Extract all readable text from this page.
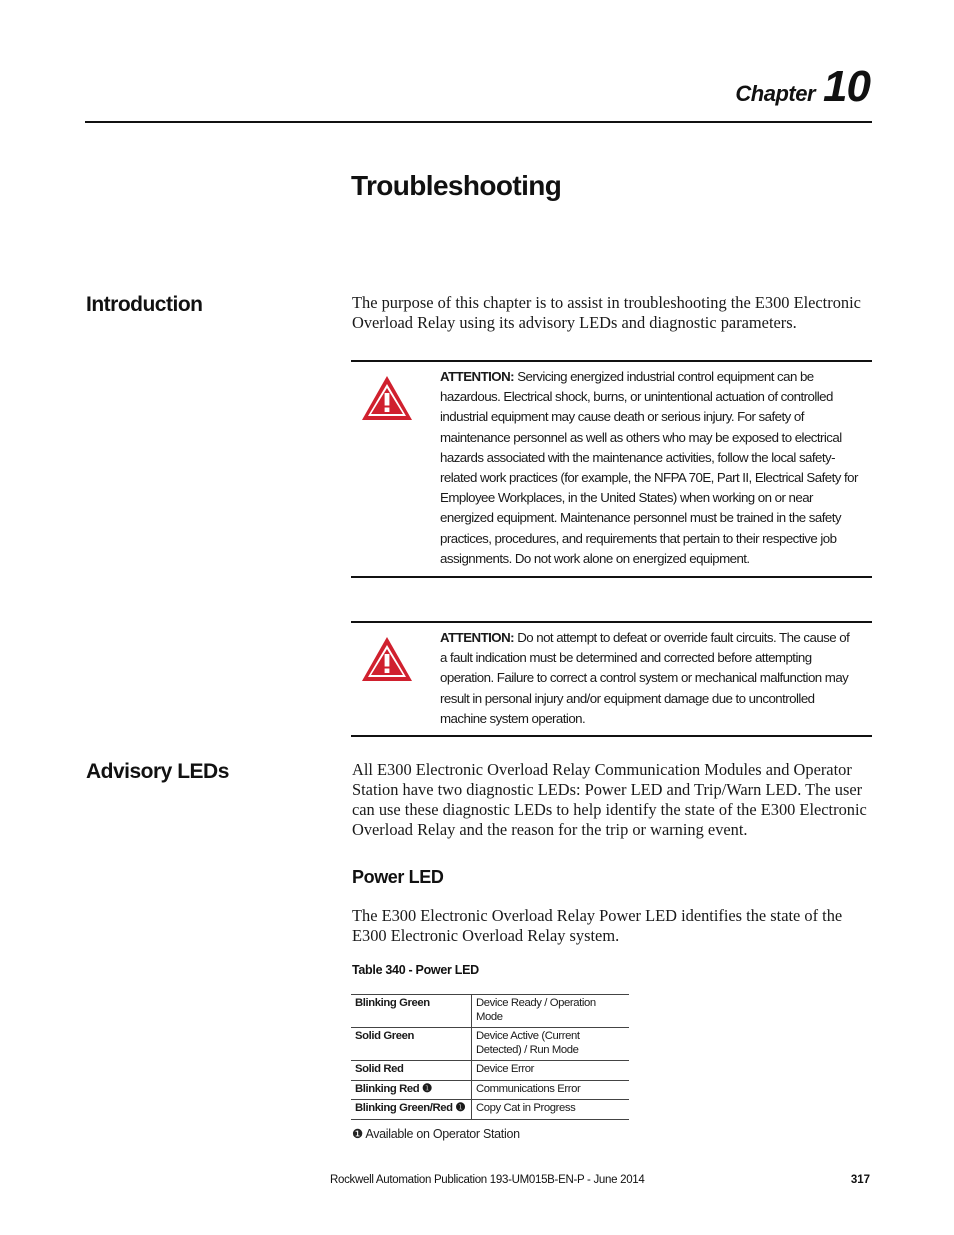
Chapter 10
Troubleshooting
Introduction	The purpose of this chapter is to assist in troubleshooting the E300 Electronic Overload Relay using its advisory LEDs and diagnostic parameters.

ATTENTION: Servicing energized industrial control equipment can be hazardous. Electrical shock, burns, or unintentional actuation of controlled industrial equipment may cause death or serious injury. For safety of maintenance personnel as well as others who may be exposed to electrical hazards associated with the maintenance activities, follow the local safety-related work practices (for example, the NFPA 70E, Part II, Electrical Safety for Employee Workplaces, in the United States) when working on or near energized equipment. Maintenance personnel must be trained in the safety practices, procedures, and requirements that pertain to their respective job assignments. Do not work alone on energized equipment.

ATTENTION: Do not attempt to defeat or override fault circuits. The cause of a fault indication must be determined and corrected before attempting operation. Failure to correct a control system or mechanical malfunction may result in personal injury and/or equipment damage due to uncontrolled machine system operation.

Advisory LEDs	All E300 Electronic Overload Relay Communication Modules and Operator Station have two diagnostic LEDs: Power LED and Trip/Warn LED. The user can use these diagnostic LEDs to help identify the state of the E300 Electronic Overload Relay and the reason for the trip or warning event.

Power LED

The E300 Electronic Overload Relay Power LED identifies the state of the E300 Electronic Overload Relay system.

Table 340 - Power LED
Blinking Green	Device Ready / Operation Mode
Solid Green	Device Active (Current Detected) / Run Mode
Solid Red	Device Error
Blinking Red ❶	Communications Error
Blinking Green/Red ❶	Copy Cat in Progress
❶ Available on Operator Station
Rockwell Automation Publication 193-UM015B-EN-P - June 2014	317
